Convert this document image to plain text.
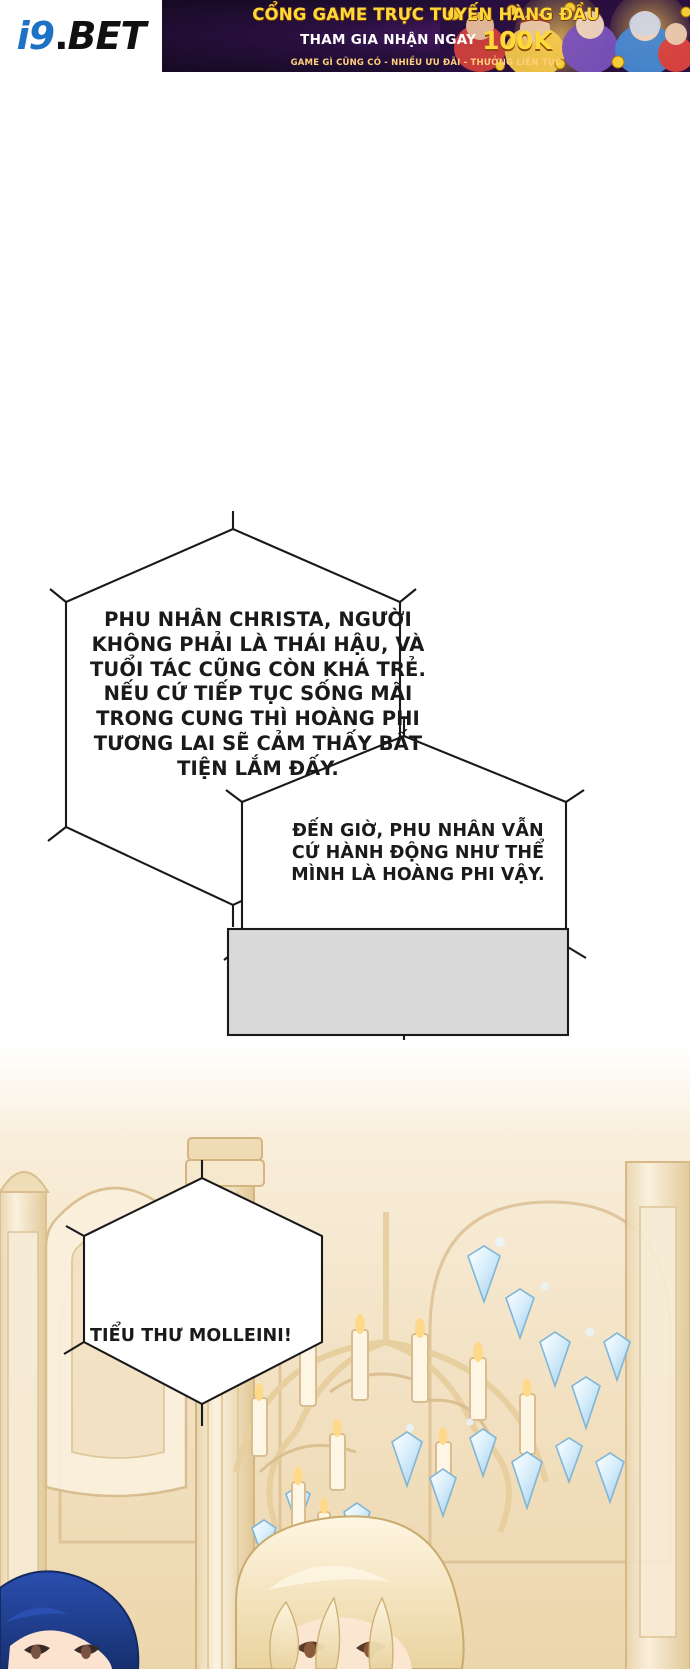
i9.BET	CỔNG GAME TRỰC TUYẾN HÀNG ĐẦU
THAM GIA NHẬN NGAY 100K
GAME GÌ CŨNG CÓ - NHIỀU ƯU ĐÃI - THƯỞNG LIÊN TỤC
PHU NHÂN CHRISTA, NGƯỜI
KHÔNG PHẢI LÀ THÁI HẬU, VÀ
TUỔI TÁC CŨNG CÒN KHÁ TRẺ.
NẾU CỨ TIẾP TỤC SỐNG MÃI
TRONG CUNG THÌ HOÀNG PHI
TƯƠNG LAI SẼ CẢM THẤY BẤT
TIỆN LẮM ĐẤY.
ĐẾN GIỜ, PHU NHÂN VẪN
CỨ HÀNH ĐỘNG NHƯ THỂ
MÌNH LÀ HOÀNG PHI VẬY.
TIỂU THƯ MOLLEINI!
